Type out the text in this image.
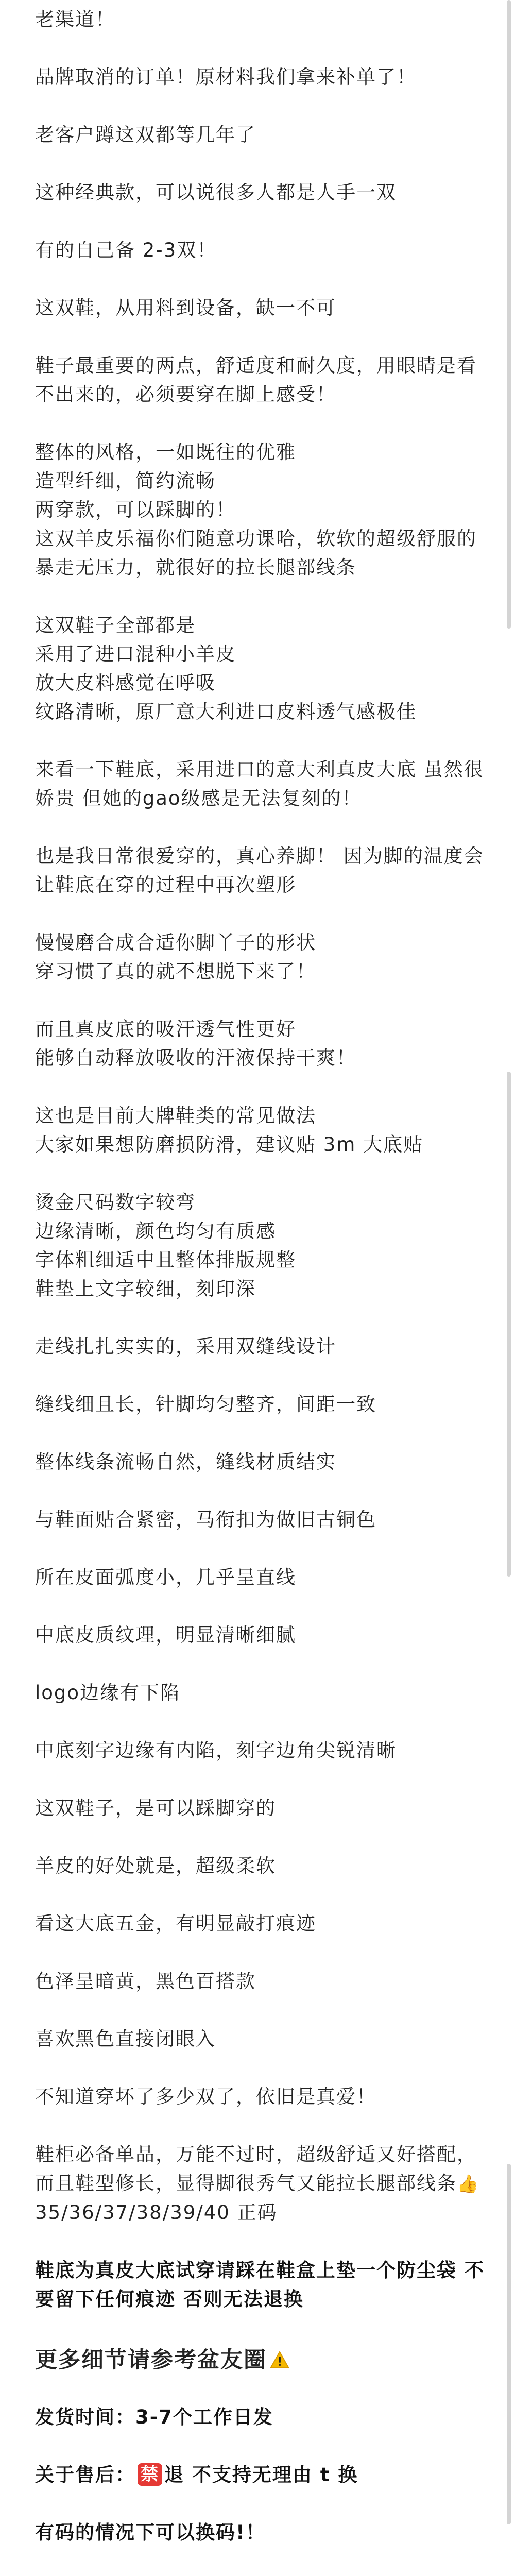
老渠道！
品牌取消的订单！原材料我们拿来补单了！
老客户蹲这双都等几年了
这种经典款，可以说很多人都是人手一双
有的自己备 2-3双！
这双鞋，从用料到设备，缺一不可
鞋子最重要的两点，舒适度和耐久度，用眼睛是看不出来的，必须要穿在脚上感受！
整体的风格，一如既往的优雅
造型纤细，简约流畅
两穿款，可以踩脚的！
这双羊皮乐福你们随意功课哈，软软的超级舒服的 暴走无压力，就很好的拉长腿部线条
这双鞋子全部都是
采用了进口混种小羊皮
放大皮料感觉在呼吸
纹路清晰，原厂意大利进口皮料透气感极佳
来看一下鞋底，采用进口的意大利真皮大底 虽然很娇贵 但她的gao级感是无法复刻的！
也是我日常很爱穿的，真心养脚！ 因为脚的温度会让鞋底在穿的过程中再次塑形
慢慢磨合成合适你脚丫子的形状
穿习惯了真的就不想脱下来了！
而且真皮底的吸汗透气性更好
能够自动释放吸收的汗液保持干爽！
这也是目前大牌鞋类的常见做法
大家如果想防磨损防滑，建议贴 3m 大底贴
烫金尺码数字较弯
边缘清晰，颜色均匀有质感
字体粗细适中且整体排版规整
鞋垫上文字较细，刻印深
走线扎扎实实的，采用双缝线设计
缝线细且长，针脚均匀整齐，间距一致
整体线条流畅自然，缝线材质结实
与鞋面贴合紧密，马衔扣为做旧古铜色
所在皮面弧度小，几乎呈直线
中底皮质纹理，明显清晰细腻
logo边缘有下陷
中底刻字边缘有内陷，刻字边角尖锐清晰
这双鞋子，是可以踩脚穿的
羊皮的好处就是，超级柔软
看这大底五金，有明显敲打痕迹
色泽呈暗黄，黑色百搭款
喜欢黑色直接闭眼入
不知道穿坏了多少双了，依旧是真爱！
鞋柜必备单品，万能不过时，超级舒适又好搭配，而且鞋型修长，显得脚很秀气又能拉长腿部线条👍 35/36/37/38/39/40 正码
鞋底为真皮大底试穿请踩在鞋盒上垫一个防尘袋 不要留下任何痕迹 否则无法退换
更多细节请参考盆友圈
发货时间：3-7个工作日发
关于售后： 禁 退 不支持无理由 t 换
有码的情况下可以换码!！
